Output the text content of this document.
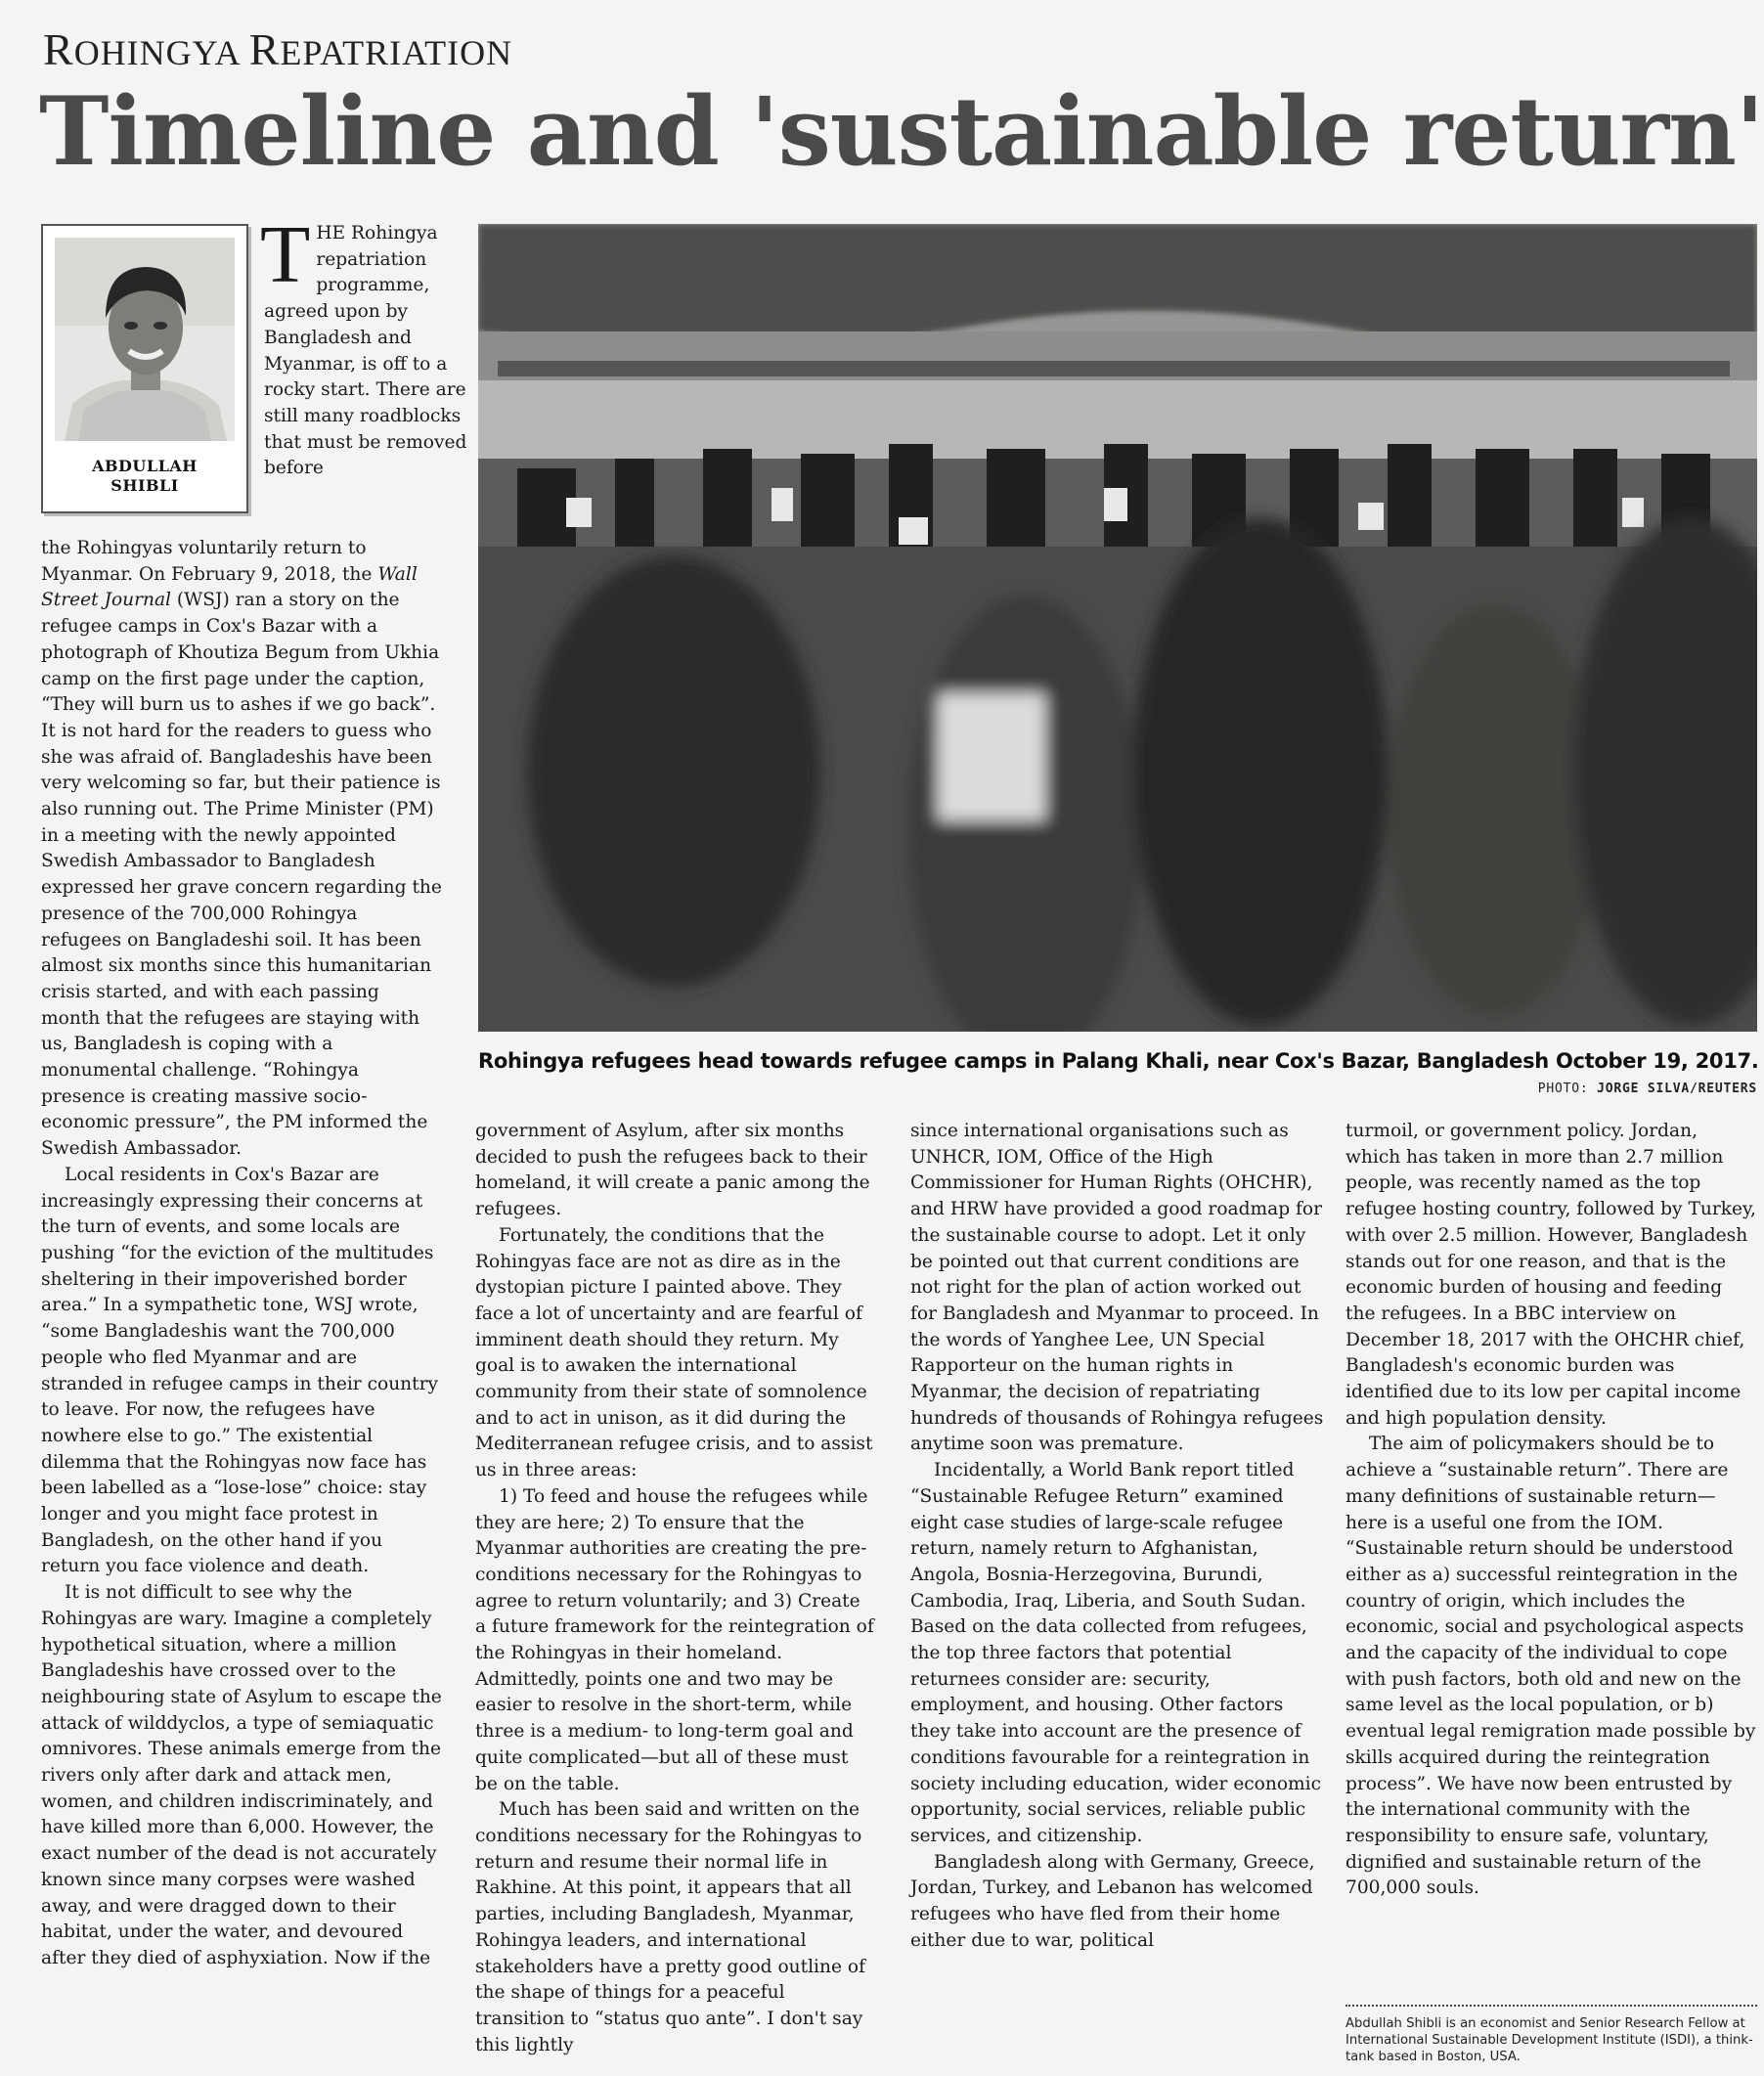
ROHINGYA REPATRIATION
Timeline and 'sustainable return'
ABDULLAH
SHIBLI
Rohingya refugees head towards refugee camps in Palang Khali, near Cox's Bazar, Bangladesh October 19, 2017.
PHOTO: JORGE SILVA/REUTERS

THE Rohingya repatriation programme, agreed upon by Bangladesh and Myanmar, is off to a rocky start. There are still many roadblocks that must be removed before

the Rohingyas voluntarily return to Myanmar. On February 9, 2018, the Wall Street Journal (WSJ) ran a story on the refugee camps in Cox's Bazar with a photograph of Khoutiza Begum from Ukhia camp on the first page under the caption, “They will burn us to ashes if we go back”. It is not hard for the readers to guess who she was afraid of. Bangladeshis have been very welcoming so far, but their patience is also running out. The Prime Minister (PM) in a meeting with the newly appointed Swedish Ambassador to Bangladesh expressed her grave concern regarding the presence of the 700,000 Rohingya refugees on Bangladeshi soil. It has been almost six months since this humanitarian crisis started, and with each passing month that the refugees are staying with us, Bangladesh is coping with a monumental challenge. “Rohingya presence is creating massive socio-economic pressure”, the PM informed the Swedish Ambassador.

Local residents in Cox's Bazar are increasingly expressing their concerns at the turn of events, and some locals are pushing “for the eviction of the multitudes sheltering in their impoverished border area.” In a sympathetic tone, WSJ wrote, “some Bangladeshis want the 700,000 people who fled Myanmar and are stranded in refugee camps in their country to leave. For now, the refugees have nowhere else to go.” The existential dilemma that the Rohingyas now face has been labelled as a “lose-lose” choice: stay longer and you might face protest in Bangladesh, on the other hand if you return you face violence and death.

It is not difficult to see why the Rohingyas are wary. Imagine a completely hypothetical situation, where a million Bangladeshis have crossed over to the neighbouring state of Asylum to escape the attack of wilddyclos, a type of semiaquatic omnivores. These animals emerge from the rivers only after dark and attack men, women, and children indiscriminately, and have killed more than 6,000. However, the exact number of the dead is not accurately known since many corpses were washed away, and were dragged down to their habitat, under the water, and devoured after they died of asphyxiation. Now if the

government of Asylum, after six months decided to push the refugees back to their homeland, it will create a panic among the refugees.

Fortunately, the conditions that the Rohingyas face are not as dire as in the dystopian picture I painted above. They face a lot of uncertainty and are fearful of imminent death should they return. My goal is to awaken the international community from their state of somnolence and to act in unison, as it did during the Mediterranean refugee crisis, and to assist us in three areas:

1) To feed and house the refugees while they are here; 2) To ensure that the Myanmar authorities are creating the pre-conditions necessary for the Rohingyas to agree to return voluntarily; and 3) Create a future framework for the reintegration of the Rohingyas in their homeland. Admittedly, points one and two may be easier to resolve in the short-term, while three is a medium- to long-term goal and quite complicated—but all of these must be on the table.

Much has been said and written on the conditions necessary for the Rohingyas to return and resume their normal life in Rakhine. At this point, it appears that all parties, including Bangladesh, Myanmar, Rohingya leaders, and international stakeholders have a pretty good outline of the shape of things for a peaceful transition to “status quo ante”. I don't say this lightly

since international organisations such as UNHCR, IOM, Office of the High Commissioner for Human Rights (OHCHR), and HRW have provided a good roadmap for the sustainable course to adopt. Let it only be pointed out that current conditions are not right for the plan of action worked out for Bangladesh and Myanmar to proceed. In the words of Yanghee Lee, UN Special Rapporteur on the human rights in Myanmar, the decision of repatriating hundreds of thousands of Rohingya refugees anytime soon was premature.

Incidentally, a World Bank report titled “Sustainable Refugee Return” examined eight case studies of large-scale refugee return, namely return to Afghanistan, Angola, Bosnia-Herzegovina, Burundi, Cambodia, Iraq, Liberia, and South Sudan. Based on the data collected from refugees, the top three factors that potential returnees consider are: security, employment, and housing. Other factors they take into account are the presence of conditions favourable for a reintegration in society including education, wider economic opportunity, social services, reliable public services, and citizenship.

Bangladesh along with Germany, Greece, Jordan, Turkey, and Lebanon has welcomed refugees who have fled from their home either due to war, political

turmoil, or government policy. Jordan, which has taken in more than 2.7 million people, was recently named as the top refugee hosting country, followed by Turkey, with over 2.5 million. However, Bangladesh stands out for one reason, and that is the economic burden of housing and feeding the refugees. In a BBC interview on December 18, 2017 with the OHCHR chief, Bangladesh's economic burden was identified due to its low per capital income and high population density.

The aim of policymakers should be to achieve a “sustainable return”. There are many definitions of sustainable return—here is a useful one from the IOM. “Sustainable return should be understood either as a) successful reintegration in the country of origin, which includes the economic, social and psychological aspects and the capacity of the individual to cope with push factors, both old and new on the same level as the local population, or b) eventual legal remigration made possible by skills acquired during the reintegration process”. We have now been entrusted by the international community with the responsibility to ensure safe, voluntary, dignified and sustainable return of the 700,000 souls.

Abdullah Shibli is an economist and Senior Research Fellow at International Sustainable Development Institute (ISDI), a think-tank based in Boston, USA.
